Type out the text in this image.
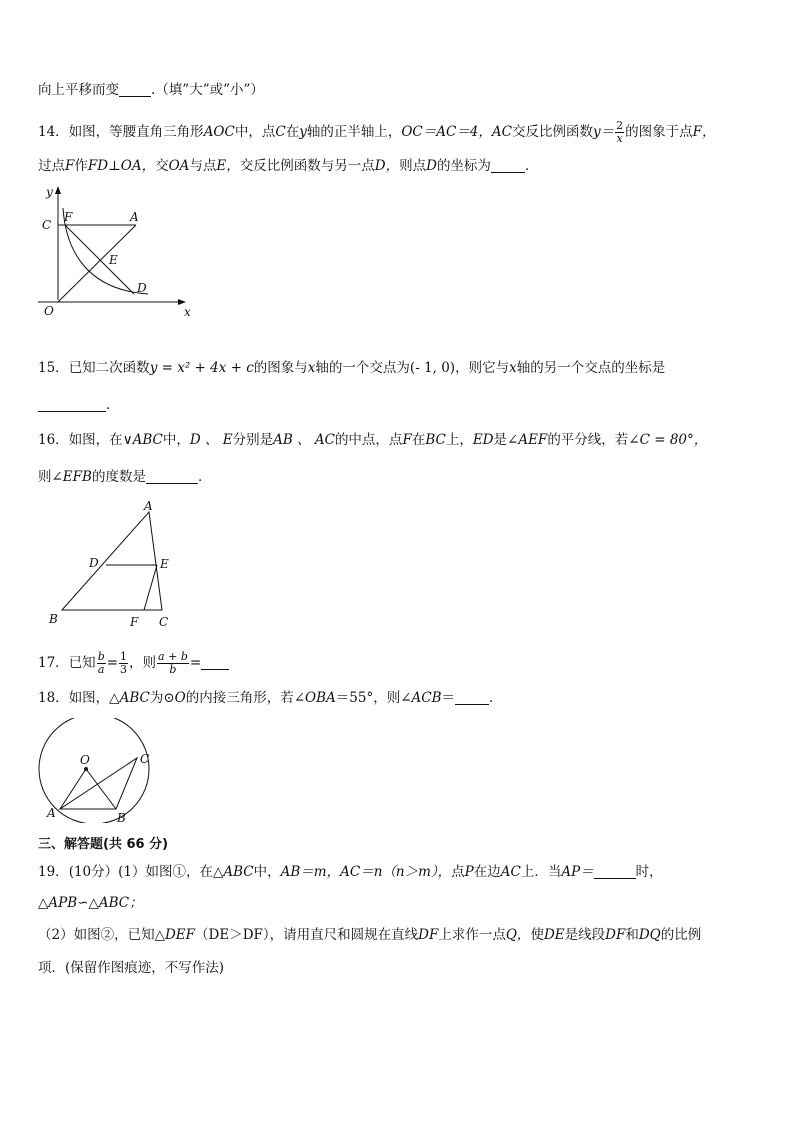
向上平移而变 .（填”大”或”小”）
14．如图，等腰直角三角形AOC中，点C在y轴的正半轴上，OC＝AC＝4，AC交反比例函数$y= \frac{2}{x}$ 的图象于点F，
过点F作FD⊥OA，交OA与点E，交反比例函数与另一点D，则点D的坐标为	．
y
x
O
C
F	A
E
D
15．已知二次函数y = x² + 4x + c的图象与x轴的一个交点为(- 1, 0)，则它与x轴的另一个交点的坐标是
．
16．如图，在∨ABC中，D 、 E分别是AB 、 AC的中点，点F在BC上，ED是∠AEF的平分线，若∠C = 80°，
则∠EFB的度数是	．
A
D	E
B	F C
17．已知 $\frac{b}{a} = \frac{1}{3}$ ，则 $\frac{a + b}{b}$ =
18．如图，△ABC为⊙O的内接三角形，若∠OBA＝55°，则∠ACB＝	．
O	C
A	B
三、解答题(共 66 分)
19．(10分）(1）如图①，在△ABC中，AB＝m，AC＝n（n＞m），点P在边AC上．当AP＝	时，
△APB∽△ABC；
（2）如图②，已知△DEF（DE＞DF），请用直尺和圆规在直线DF上求作一点Q，使DE是线段DF和DQ的比例
项．(保留作图痕迹，不写作法)
